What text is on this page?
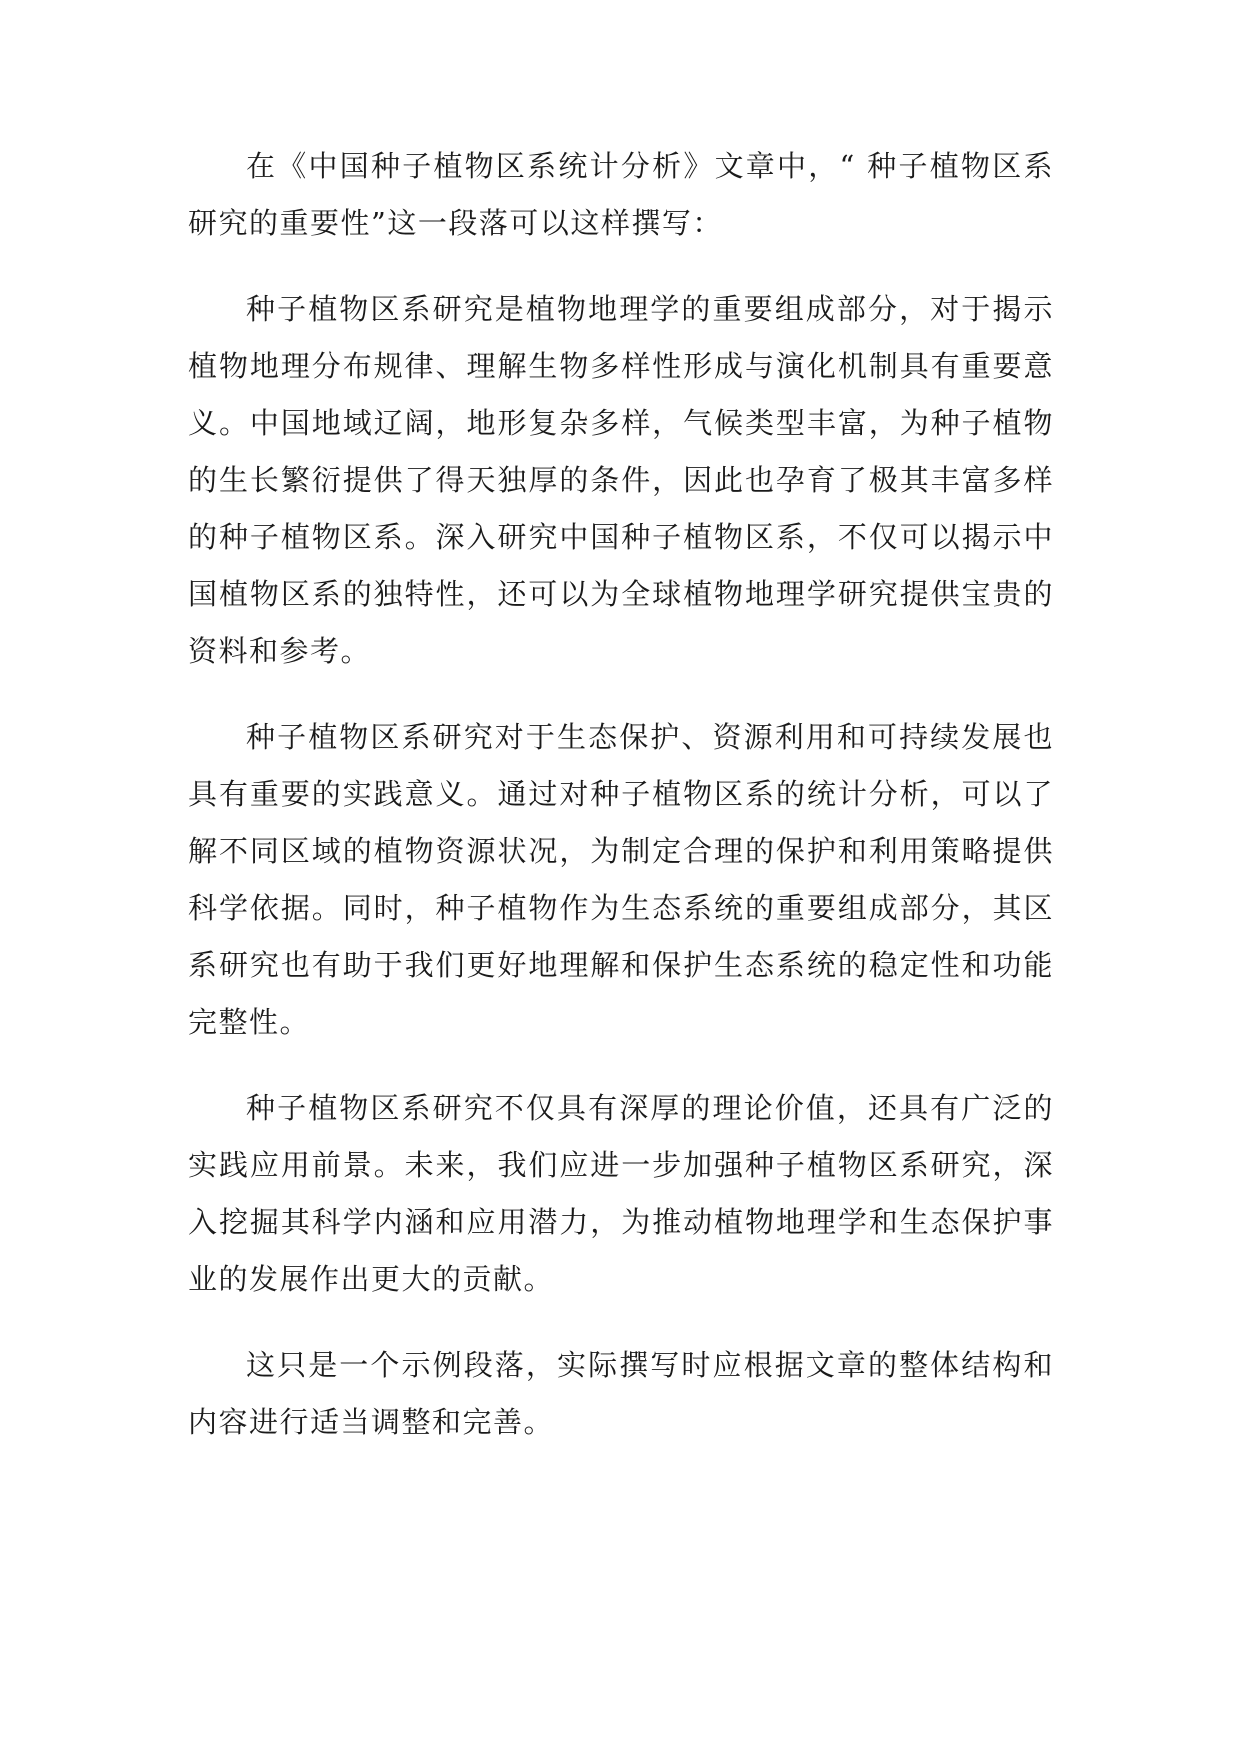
在《中国种子植物区系统计分析》文章中，“ 种子植物区系研究的重要性”这一段落可以这样撰写：

种子植物区系研究是植物地理学的重要组成部分，对于揭示植物地理分布规律、理解生物多样性形成与演化机制具有重要意义。中国地域辽阔，地形复杂多样，气候类型丰富，为种子植物的生长繁衍提供了得天独厚的条件，因此也孕育了极其丰富多样的种子植物区系。深入研究中国种子植物区系，不仅可以揭示中国植物区系的独特性，还可以为全球植物地理学研究提供宝贵的资料和参考。

种子植物区系研究对于生态保护、资源利用和可持续发展也具有重要的实践意义。通过对种子植物区系的统计分析，可以了解不同区域的植物资源状况，为制定合理的保护和利用策略提供科学依据。同时，种子植物作为生态系统的重要组成部分，其区系研究也有助于我们更好地理解和保护生态系统的稳定性和功能完整性。

种子植物区系研究不仅具有深厚的理论价值，还具有广泛的实践应用前景。未来，我们应进一步加强种子植物区系研究，深入挖掘其科学内涵和应用潜力，为推动植物地理学和生态保护事业的发展作出更大的贡献。

这只是一个示例段落，实际撰写时应根据文章的整体结构和内容进行适当调整和完善。
